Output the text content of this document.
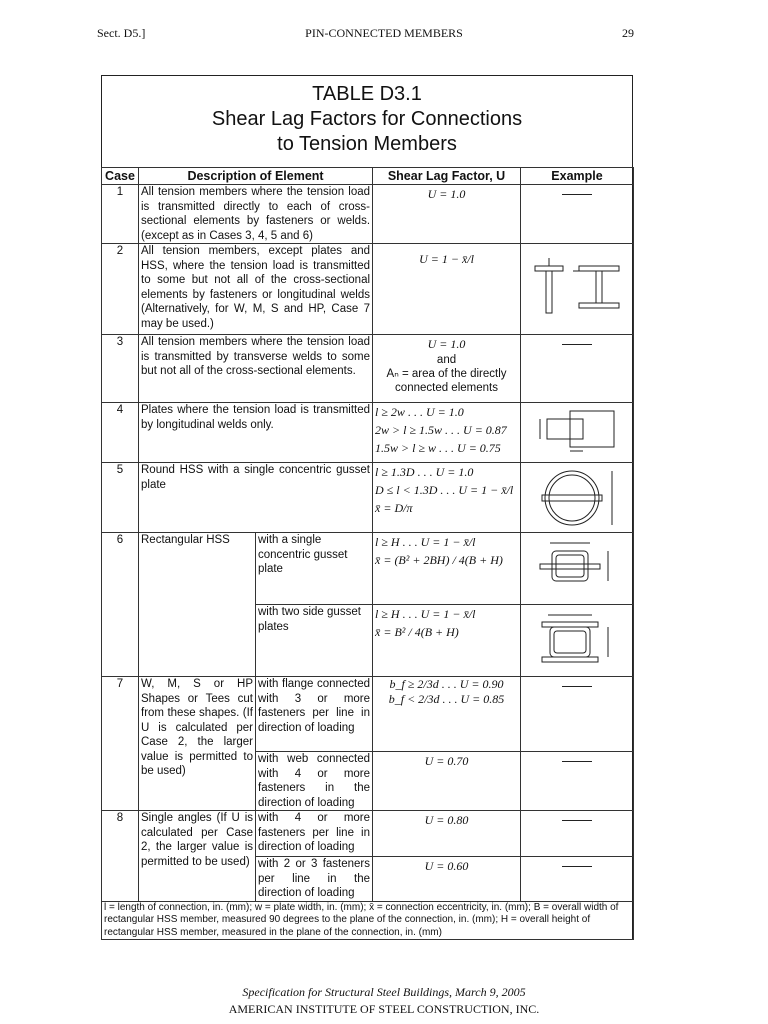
Sect. D5.]	PIN-CONNECTED MEMBERS	29
TABLE D3.1
Shear Lag Factors for Connections
to Tension Members
Case	Description of Element		Shear Lag Factor, U	Example
1	All tension members where the tension load is transmitted directly to each of cross-sectional elements by fasteners or welds. (except as in Cases 3, 4, 5 and 6)		U = 1.0	
2	All tension members, except plates and HSS, where the tension load is transmitted to some but not all of the cross-sectional elements by fasteners or longitudinal welds (Alternatively, for W, M, S and HP, Case 7 may be used.)		U = 1 − x̄/l	

3	All tension members where the tension load is transmitted by transverse welds to some but not all of the cross-sectional elements.		U = 1.0
and
Aₙ = area of the directly connected elements	

4	Plates where the tension load is transmitted by longitudinal welds only.		l ≥ 2w . . . U = 1.0
2w > l ≥ 1.5w . . . U = 0.87
1.5w > l ≥ w . . . U = 0.75

5	Round HSS with a single concentric gusset plate		l ≥ 1.3D . . . U = 1.0
D ≤ l < 1.3D . . . U = 1 − x̄/l
x̄ = D/π

6	Rectangular HSS	with a single concentric gusset plate	l ≥ H . . . U = 1 − x̄/l
x̄ = (B² + 2BH) / 4(B + H)

		with two side gusset plates	l ≥ H . . . U = 1 − x̄/l
x̄ = B² / 4(B + H)

7	W, M, S or HP Shapes or Tees cut from these shapes. (If U is calculated per Case 2, the larger value is permitted to be used)	with flange connected with 3 or more fasteners per line in direction of loading	b_f ≥ 2/3d . . . U = 0.90
b_f < 2/3d . . . U = 0.85	

		with web connected with 4 or more fasteners in the direction of loading	U = 0.70	
8	Single angles (If U is calculated per Case 2, the larger value is permitted to be used)	with 4 or more fasteners per line in direction of loading	U = 0.80	
		with 2 or 3 fasteners per line in the direction of loading	U = 0.60	
l = length of connection, in. (mm); w = plate width, in. (mm); x̄ = connection eccentricity, in. (mm); B = overall width of rectangular HSS member, measured 90 degrees to the plane of the connection, in. (mm); H = overall height of rectangular HSS member, measured in the plane of the connection, in. (mm)				
Specification for Structural Steel Buildings, March 9, 2005
AMERICAN INSTITUTE OF STEEL CONSTRUCTION, INC.
